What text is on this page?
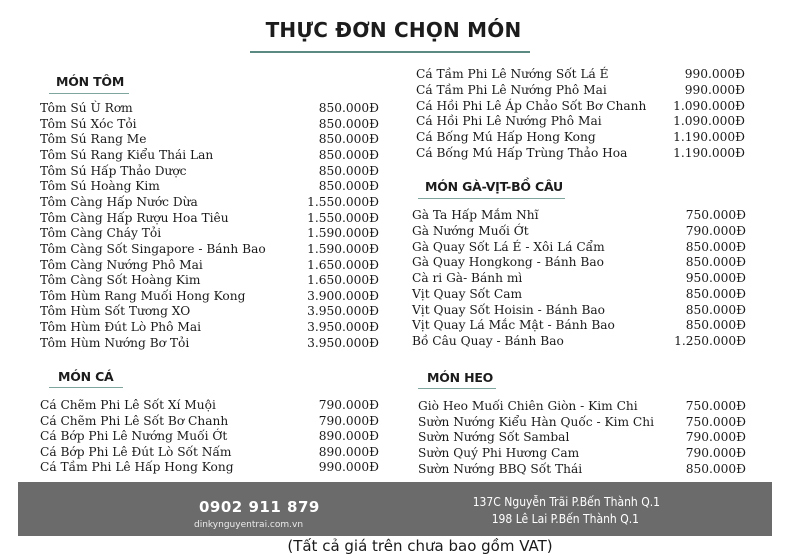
THỰC ĐƠN CHỌN MÓN
MÓN TÔM
MÓN CÁ
MÓN GÀ-VỊT-BỒ CÂU
MÓN HEO
Tôm Sú Ù Rơm	850.000Đ
Tôm Sú Xóc Tỏi	850.000Đ
Tôm Sú Rang Me	850.000Đ
Tôm Sú Rang Kiểu Thái Lan	850.000Đ
Tôm Sú Hấp Thảo Dược	850.000Đ
Tôm Sú Hoàng Kim	850.000Đ
Tôm Càng Hấp Nước Dừa	1.550.000Đ
Tôm Càng Hấp Rượu Hoa Tiêu	1.550.000Đ
Tôm Càng Cháy Tỏi	1.590.000Đ
Tôm Càng Sốt Singapore - Bánh Bao	1.590.000Đ
Tôm Càng Nướng Phô Mai	1.650.000Đ
Tôm Càng Sốt Hoàng Kim	1.650.000Đ
Tôm Hùm Rang Muối Hong Kong	3.900.000Đ
Tôm Hùm Sốt Tương XO	3.950.000Đ
Tôm Hùm Đút Lò Phô Mai	3.950.000Đ
Tôm Hùm Nướng Bơ Tỏi	3.950.000Đ
Cá Chẽm Phi Lê Sốt Xí Muội	790.000Đ
Cá Chẽm Phi Lê Sốt Bơ Chanh	790.000Đ
Cá Bớp Phi Lê Nướng Muối Ớt	890.000Đ
Cá Bớp Phi Lê Đút Lò Sốt Nấm	890.000Đ
Cá Tầm Phi Lê Hấp Hong Kong	990.000Đ
Cá Tầm Phi Lê Nướng Sốt Lá É	990.000Đ
Cá Tầm Phi Lê Nướng Phô Mai	990.000Đ
Cá Hồi Phi Lê Áp Chảo Sốt Bơ Chanh 1.090.000Đ
Cá Hồi Phi Lê Nướng Phô Mai	1.090.000Đ
Cá Bống Mú Hấp Hong Kong	1.190.000Đ
Cá Bống Mú Hấp Trùng Thảo Hoa	1.190.000Đ
Gà Ta Hấp Mắm Nhĩ	750.000Đ
Gà Nướng Muối Ớt	790.000Đ
Gà Quay Sốt Lá É - Xôi Lá Cẩm	850.000Đ
Gà Quay Hongkong - Bánh Bao	850.000Đ
Cà ri Gà- Bánh mì	950.000Đ
Vịt Quay Sốt Cam	850.000Đ
Vịt Quay Sốt Hoisin - Bánh Bao	850.000Đ
Vịt Quay Lá Mắc Mật - Bánh Bao	850.000Đ
Bồ Câu Quay - Bánh Bao	1.250.000Đ
Giò Heo Muối Chiên Giòn - Kim Chi	750.000Đ
Sườn Nướng Kiểu Hàn Quốc - Kim Chi	750.000Đ
Sườn Nướng Sốt Sambal	790.000Đ
Sườn Quý Phi Hương Cam	790.000Đ
Sườn Nướng BBQ Sốt Thái	850.000Đ
0902 911 879
dinkynguyentrai.com.vn
137C Nguyễn Trãi P.Bến Thành Q.1
198 Lê Lai P.Bến Thành Q.1
(Tất cả giá trên chưa bao gồm VAT)
